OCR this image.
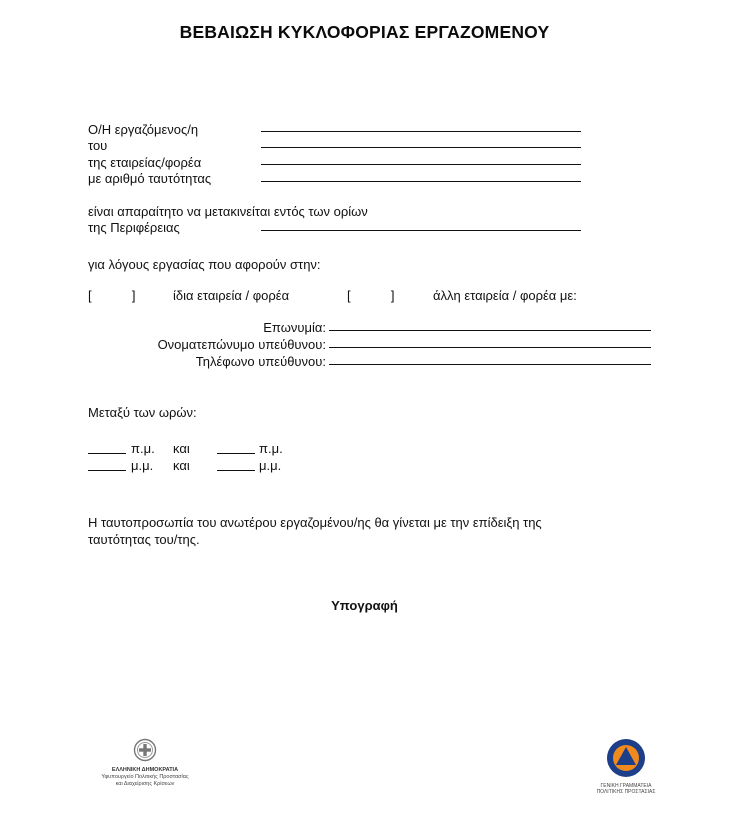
ΒΕΒΑΙΩΣΗ ΚΥΚΛΟΦΟΡΙΑΣ ΕΡΓΑΖΟΜΕΝΟΥ
Ο/Η εργαζόμενος/η
του
της εταιρείας/φορέα
με αριθμό ταυτότητας
είναι απαραίτητο να μετακινείται εντός των ορίων
της Περιφέρειας
για λόγους εργασίας που αφορούν στην:
[	]	ίδια εταιρεία / φορέα	[	]	άλλη εταιρεία / φορέα με:
Επωνυμία:
Ονοματεπώνυμο υπεύθυνου:
Τηλέφωνο υπεύθυνου:
Μεταξύ των ωρών:
π.μ. και	π.μ.
μ.μ. και	μ.μ.
Η ταυτοπροσωπία του ανωτέρου εργαζομένου/ης θα γίνεται με την επίδειξη της
ταυτότητας του/της.
Υπογραφή
ΕΛΛΗΝΙΚΗ ΔΗΜΟΚΡΑΤΙΑ
Υφυπουργείο Πολιτικής Προστασίας
και Διαχείρισης Κρίσεων	ΓΕΝΙΚΗ ΓΡΑΜΜΑΤΕΙΑ
ΠΟΛΙΤΙΚΗΣ ΠΡΟΣΤΑΣΙΑΣ
